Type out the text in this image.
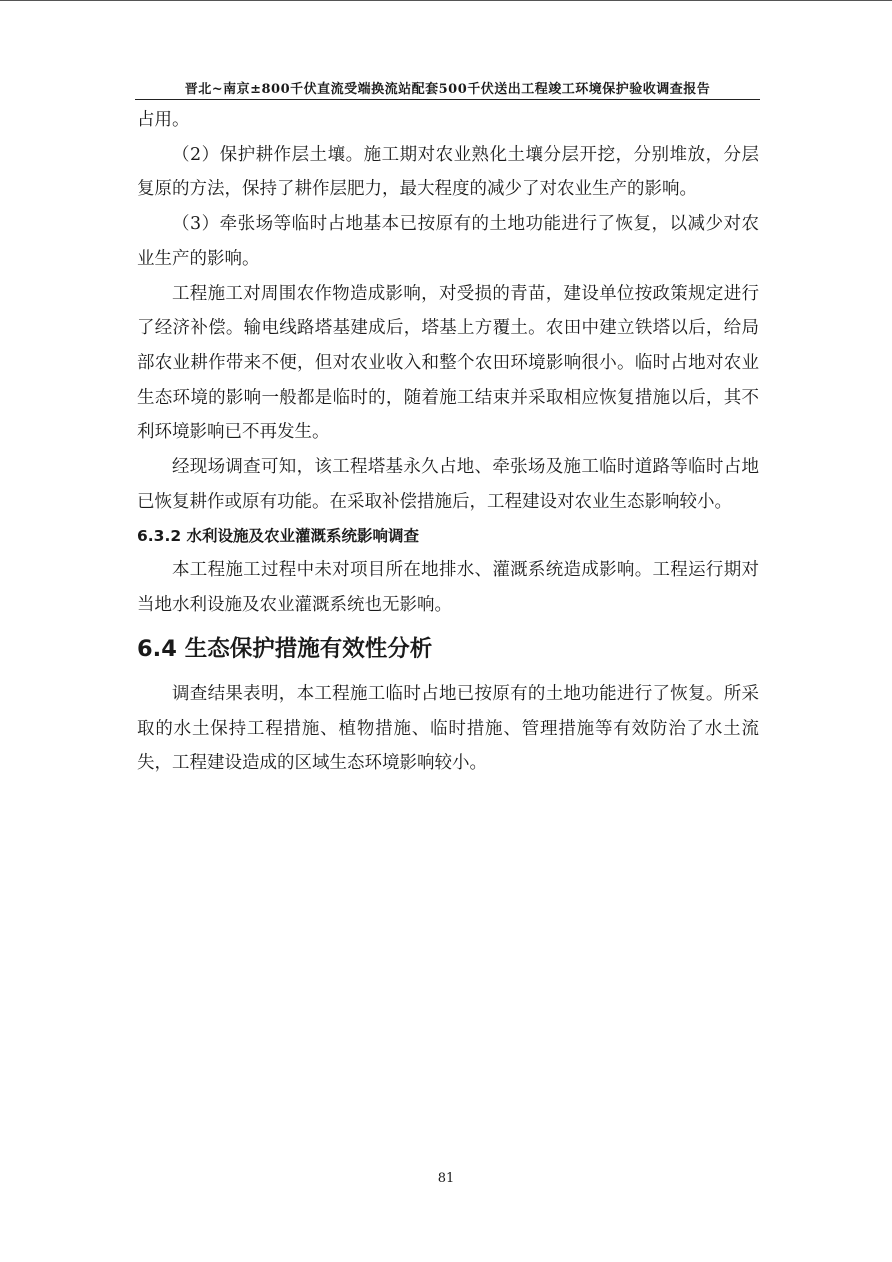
晋北~南京±800千伏直流受端换流站配套500千伏送出工程竣工环境保护验收调查报告

占用。

（2）保护耕作层土壤。施工期对农业熟化土壤分层开挖，分别堆放，分层复原的方法，保持了耕作层肥力，最大程度的减少了对农业生产的影响。

（3）牵张场等临时占地基本已按原有的土地功能进行了恢复，以减少对农业生产的影响。

工程施工对周围农作物造成影响，对受损的青苗，建设单位按政策规定进行了经济补偿。输电线路塔基建成后，塔基上方覆土。农田中建立铁塔以后，给局部农业耕作带来不便，但对农业收入和整个农田环境影响很小。临时占地对农业生态环境的影响一般都是临时的，随着施工结束并采取相应恢复措施以后，其不利环境影响已不再发生。

经现场调查可知，该工程塔基永久占地、牵张场及施工临时道路等临时占地已恢复耕作或原有功能。在采取补偿措施后，工程建设对农业生态影响较小。

6.3.2 水利设施及农业灌溉系统影响调查

本工程施工过程中未对项目所在地排水、灌溉系统造成影响。工程运行期对当地水利设施及农业灌溉系统也无影响。

6.4 生态保护措施有效性分析

调查结果表明，本工程施工临时占地已按原有的土地功能进行了恢复。所采取的水土保持工程措施、植物措施、临时措施、管理措施等有效防治了水土流失，工程建设造成的区域生态环境影响较小。

81
